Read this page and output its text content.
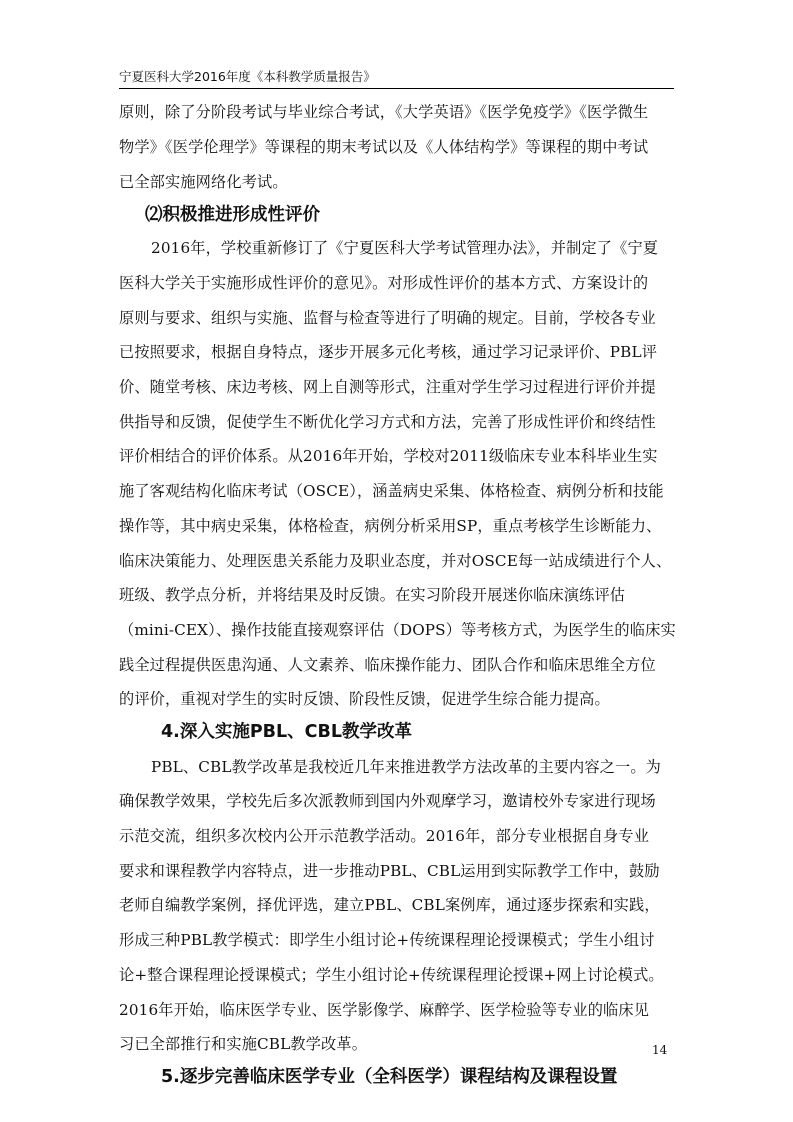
宁夏医科大学2016年度《本科教学质量报告》
原则，除了分阶段考试与毕业综合考试，《大学英语》《医学免疫学》《医学微生
物学》《医学伦理学》等课程的期末考试以及《人体结构学》等课程的期中考试
已全部实施网络化考试。
⑵积极推进形成性评价
2016年，学校重新修订了《宁夏医科大学考试管理办法》，并制定了《宁夏
医科大学关于实施形成性评价的意见》。对形成性评价的基本方式、方案设计的
原则与要求、组织与实施、监督与检查等进行了明确的规定。目前，学校各专业
已按照要求，根据自身特点，逐步开展多元化考核，通过学习记录评价、PBL评
价、随堂考核、床边考核、网上自测等形式，注重对学生学习过程进行评价并提
供指导和反馈，促使学生不断优化学习方式和方法，完善了形成性评价和终结性
评价相结合的评价体系。从2016年开始，学校对2011级临床专业本科毕业生实
施了客观结构化临床考试（OSCE），涵盖病史采集、体格检查、病例分析和技能
操作等，其中病史采集，体格检查，病例分析采用SP，重点考核学生诊断能力、
临床决策能力、处理医患关系能力及职业态度，并对OSCE每一站成绩进行个人、
班级、教学点分析，并将结果及时反馈。在实习阶段开展迷你临床演练评估
（mini-CEX）、操作技能直接观察评估（DOPS）等考核方式，为医学生的临床实
践全过程提供医患沟通、人文素养、临床操作能力、团队合作和临床思维全方位
的评价，重视对学生的实时反馈、阶段性反馈，促进学生综合能力提高。
4.深入实施PBL、CBL教学改革
PBL、CBL教学改革是我校近几年来推进教学方法改革的主要内容之一。为
确保教学效果，学校先后多次派教师到国内外观摩学习，邀请校外专家进行现场
示范交流，组织多次校内公开示范教学活动。2016年，部分专业根据自身专业
要求和课程教学内容特点，进一步推动PBL、CBL运用到实际教学工作中，鼓励
老师自编教学案例，择优评选，建立PBL、CBL案例库，通过逐步探索和实践，
形成三种PBL教学模式：即学生小组讨论+传统课程理论授课模式；学生小组讨
论+整合课程理论授课模式；学生小组讨论+传统课程理论授课+网上讨论模式。
2016年开始，临床医学专业、医学影像学、麻醉学、医学检验等专业的临床见
习已全部推行和实施CBL教学改革。
5.逐步完善临床医学专业（全科医学）课程结构及课程设置
14
